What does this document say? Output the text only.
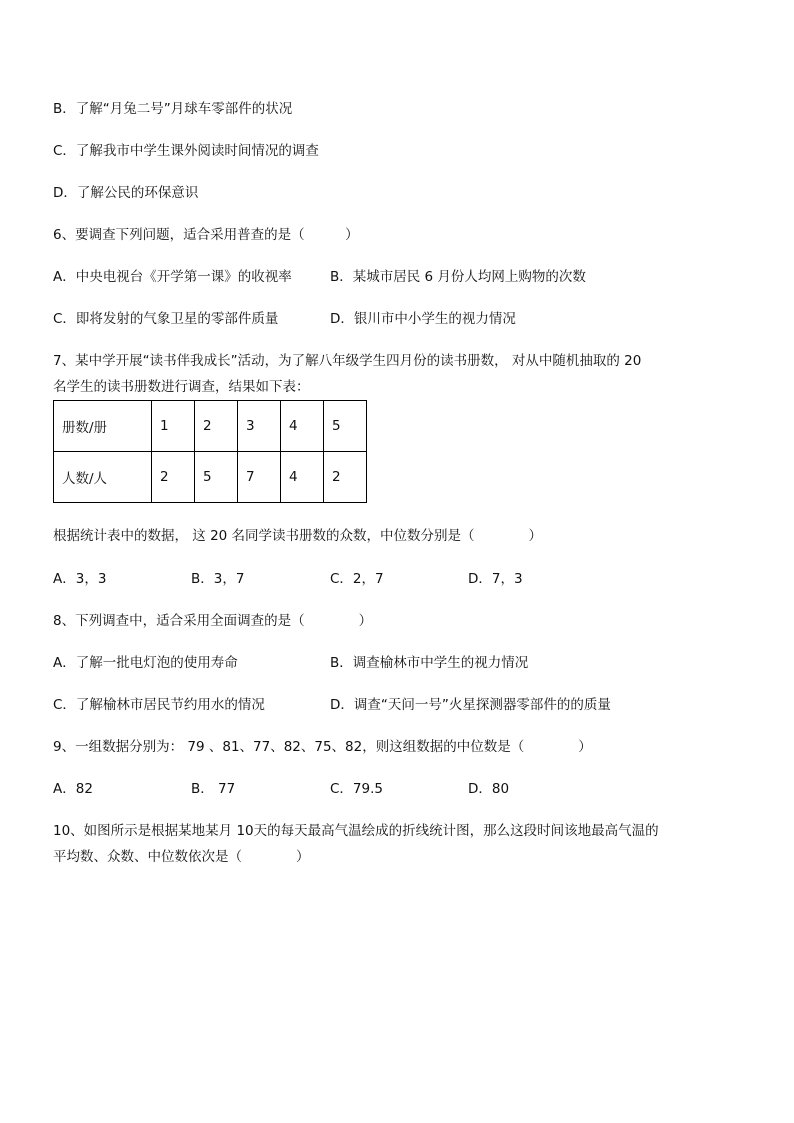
B．了解“月兔二号”月球车零部件的状况
C．了解我市中学生课外阅读时间情况的调查
D．了解公民的环保意识
6、要调查下列问题，适合采用普查的是（　　　）
A．中央电视台《开学第一课》的收视率	B．某城市居民 6 月份人均网上购物的次数
C．即将发射的气象卫星的零部件质量	D．银川市中小学生的视力情况
7、某中学开展“读书伴我成长”活动，为了解八年级学生四月份的读书册数， 对从中随机抽取的 20
名学生的读书册数进行调查，结果如下表：
册数/册	1	2	3	4	5
人数/人	2	5	7	4	2
根据统计表中的数据， 这 20 名同学读书册数的众数，中位数分别是（　　　　）
A．3，3	B．3，7	C．2，7	D．7，3
8、下列调查中，适合采用全面调查的是（　　　　）
A．了解一批电灯泡的使用寿命	B．调查榆林市中学生的视力情况
C．了解榆林市居民节约用水的情况	D．调查“天问一号”火星探测器零部件的的质量
9、一组数据分别为： 79 、81、77、82、75、82，则这组数据的中位数是（　　　　）
A．82	B． 77	C．79.5	D．80
10、如图所示是根据某地某月 10天的每天最高气温绘成的折线统计图，那么这段时间该地最高气温的
平均数、众数、中位数依次是（　　　　）
